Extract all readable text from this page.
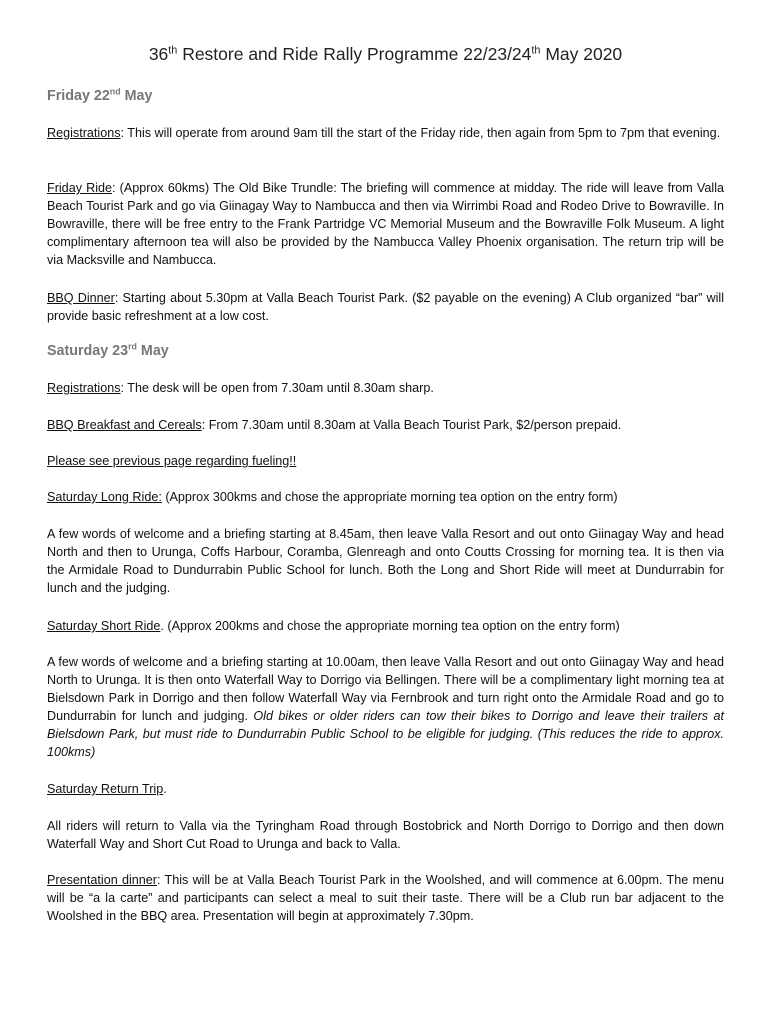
36th Restore and Ride Rally Programme 22/23/24th May 2020
Friday 22nd May

Registrations: This will operate from around 9am till the start of the Friday ride, then again from 5pm to 7pm that evening.

Friday Ride: (Approx 60kms) The Old Bike Trundle: The briefing will commence at midday. The ride will leave from Valla Beach Tourist Park and go via Giinagay Way to Nambucca and then via Wirrimbi Road and Rodeo Drive to Bowraville. In Bowraville, there will be free entry to the Frank Partridge VC Memorial Museum and the Bowraville Folk Museum. A light complimentary afternoon tea will also be provided by the Nambucca Valley Phoenix organisation. The return trip will be via Macksville and Nambucca.

BBQ Dinner: Starting about 5.30pm at Valla Beach Tourist Park. ($2 payable on the evening) A Club organized “bar” will provide basic refreshment at a low cost.

Saturday 23rd May

Registrations: The desk will be open from 7.30am until 8.30am sharp.

BBQ Breakfast and Cereals: From 7.30am until 8.30am at Valla Beach Tourist Park, $2/person prepaid.

Please see previous page regarding fueling!!

Saturday Long Ride: (Approx 300kms and chose the appropriate morning tea option on the entry form)

A few words of welcome and a briefing starting at 8.45am, then leave Valla Resort and out onto Giinagay Way and head North and then to Urunga, Coffs Harbour, Coramba, Glenreagh and onto Coutts Crossing for morning tea. It is then via the Armidale Road to Dundurrabin Public School for lunch. Both the Long and Short Ride will meet at Dundurrabin for lunch and the judging.

Saturday Short Ride. (Approx 200kms and chose the appropriate morning tea option on the entry form)

A few words of welcome and a briefing starting at 10.00am, then leave Valla Resort and out onto Giinagay Way and head North to Urunga. It is then onto Waterfall Way to Dorrigo via Bellingen. There will be a complimentary light morning tea at Bielsdown Park in Dorrigo and then follow Waterfall Way via Fernbrook and turn right onto the Armidale Road and go to Dundurrabin for lunch and judging. Old bikes or older riders can tow their bikes to Dorrigo and leave their trailers at Bielsdown Park, but must ride to Dundurrabin Public School to be eligible for judging. (This reduces the ride to approx. 100kms)

Saturday Return Trip.

All riders will return to Valla via the Tyringham Road through Bostobrick and North Dorrigo to Dorrigo and then down Waterfall Way and Short Cut Road to Urunga and back to Valla.

Presentation dinner: This will be at Valla Beach Tourist Park in the Woolshed, and will commence at 6.00pm. The menu will be “a la carte” and participants can select a meal to suit their taste. There will be a Club run bar adjacent to the Woolshed in the BBQ area. Presentation will begin at approximately 7.30pm.
